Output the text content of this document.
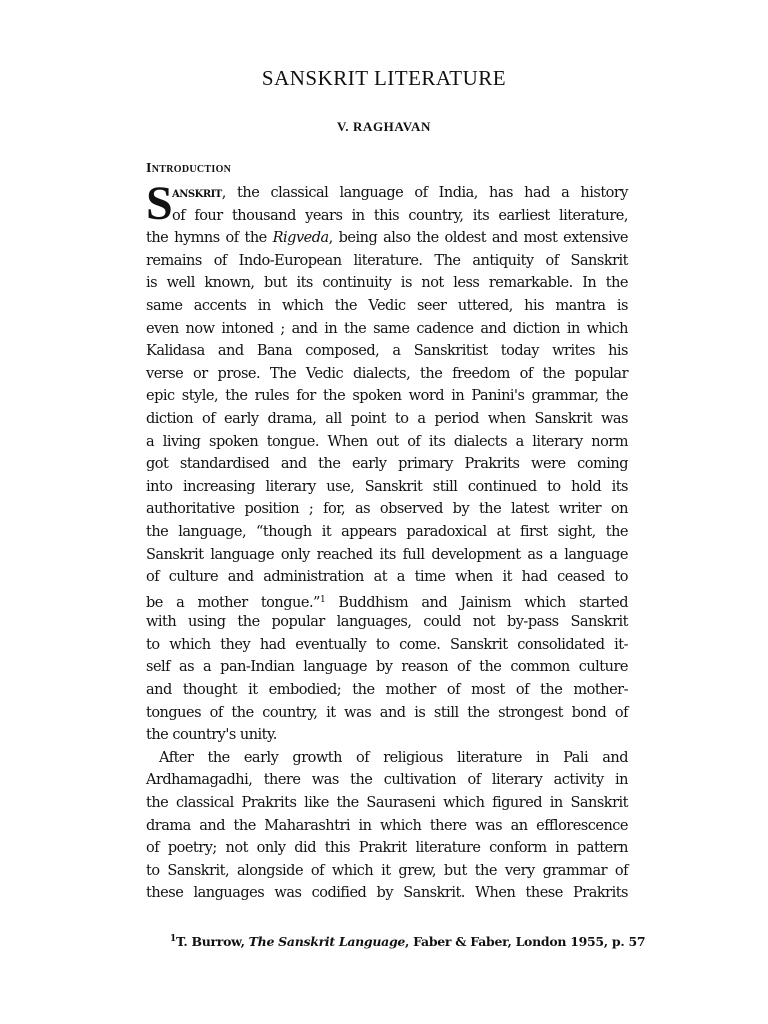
SANSKRIT LITERATURE
V. RAGHAVAN
Introduction
S anskrit, the classical language of India, has had a history
of four thousand years in this country, its earliest literature,
the hymns of the Rigveda, being also the oldest and most extensive
remains of Indo-European literature. The antiquity of Sanskrit
is well known, but its continuity is not less remarkable. In the
same accents in which the Vedic seer uttered, his mantra is
even now intoned ; and in the same cadence and diction in which
Kalidasa and Bana composed, a Sanskritist today writes his
verse or prose. The Vedic dialects, the freedom of the popular
epic style, the rules for the spoken word in Panini's grammar, the
diction of early drama, all point to a period when Sanskrit was
a living spoken tongue. When out of its dialects a literary norm
got standardised and the early primary Prakrits were coming
into increasing literary use, Sanskrit still continued to hold its
authoritative position ; for, as observed by the latest writer on
the language, “though it appears paradoxical at first sight, the
Sanskrit language only reached its full development as a language
of culture and administration at a time when it had ceased to
be a mother tongue.”$^1$ Buddhism and Jainism which started
with using the popular languages, could not by-pass Sanskrit
to which they had eventually to come. Sanskrit consolidated it-
self as a pan-Indian language by reason of the common culture
and thought it embodied; the mother of most of the mother-
tongues of the country, it was and is still the strongest bond of
the country's unity.
After the early growth of religious literature in Pali and
Ardhamagadhi, there was the cultivation of literary activity in
the classical Prakrits like the Sauraseni which figured in Sanskrit
drama and the Maharashtri in which there was an efflorescence
of poetry; not only did this Prakrit literature conform in pattern
to Sanskrit, alongside of which it grew, but the very grammar of
these languages was codified by Sanskrit. When these Prakrits
$^1$T. Burrow, The Sanskrit Language, Faber & Faber, London 1955, p. 57
